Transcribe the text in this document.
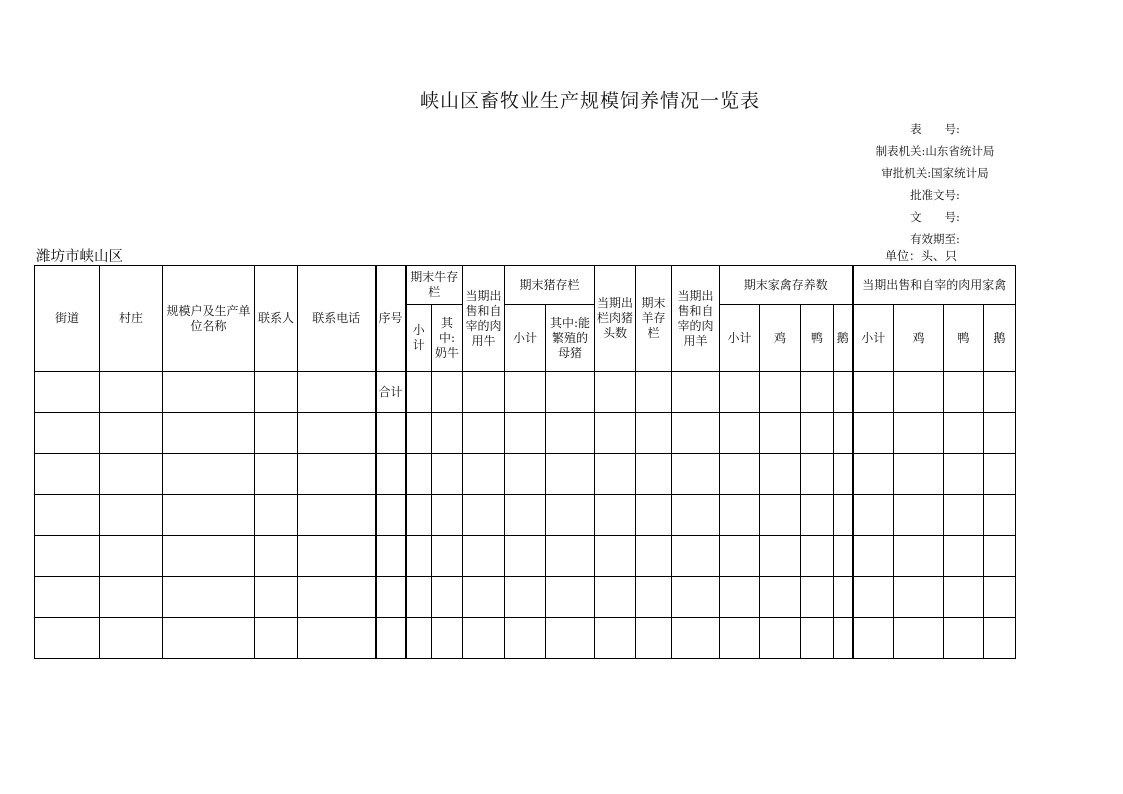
峡山区畜牧业生产规模饲养情况一览表
表　　号:
制表机关:山东省统计局
审批机关:国家统计局
批准文号:
文　　号:
有效期至:
潍坊市峡山区	单位：头、只
街道	村庄	规模户及生产单位名称	联系人	联系电话	序号	期末牛存栏		当期出售和自宰的肉用牛	期末猪存栏		当期出栏肉猪头数	期末羊存栏	当期出售和自宰的肉用羊	期末家禽存养数				当期出售和自宰的肉用家禽			
						小计	其中:奶牛		小计	其中:能繁殖的母猪				小计	鸡	鸭	鹅	小计	鸡	鸭	鹅
					合计																
